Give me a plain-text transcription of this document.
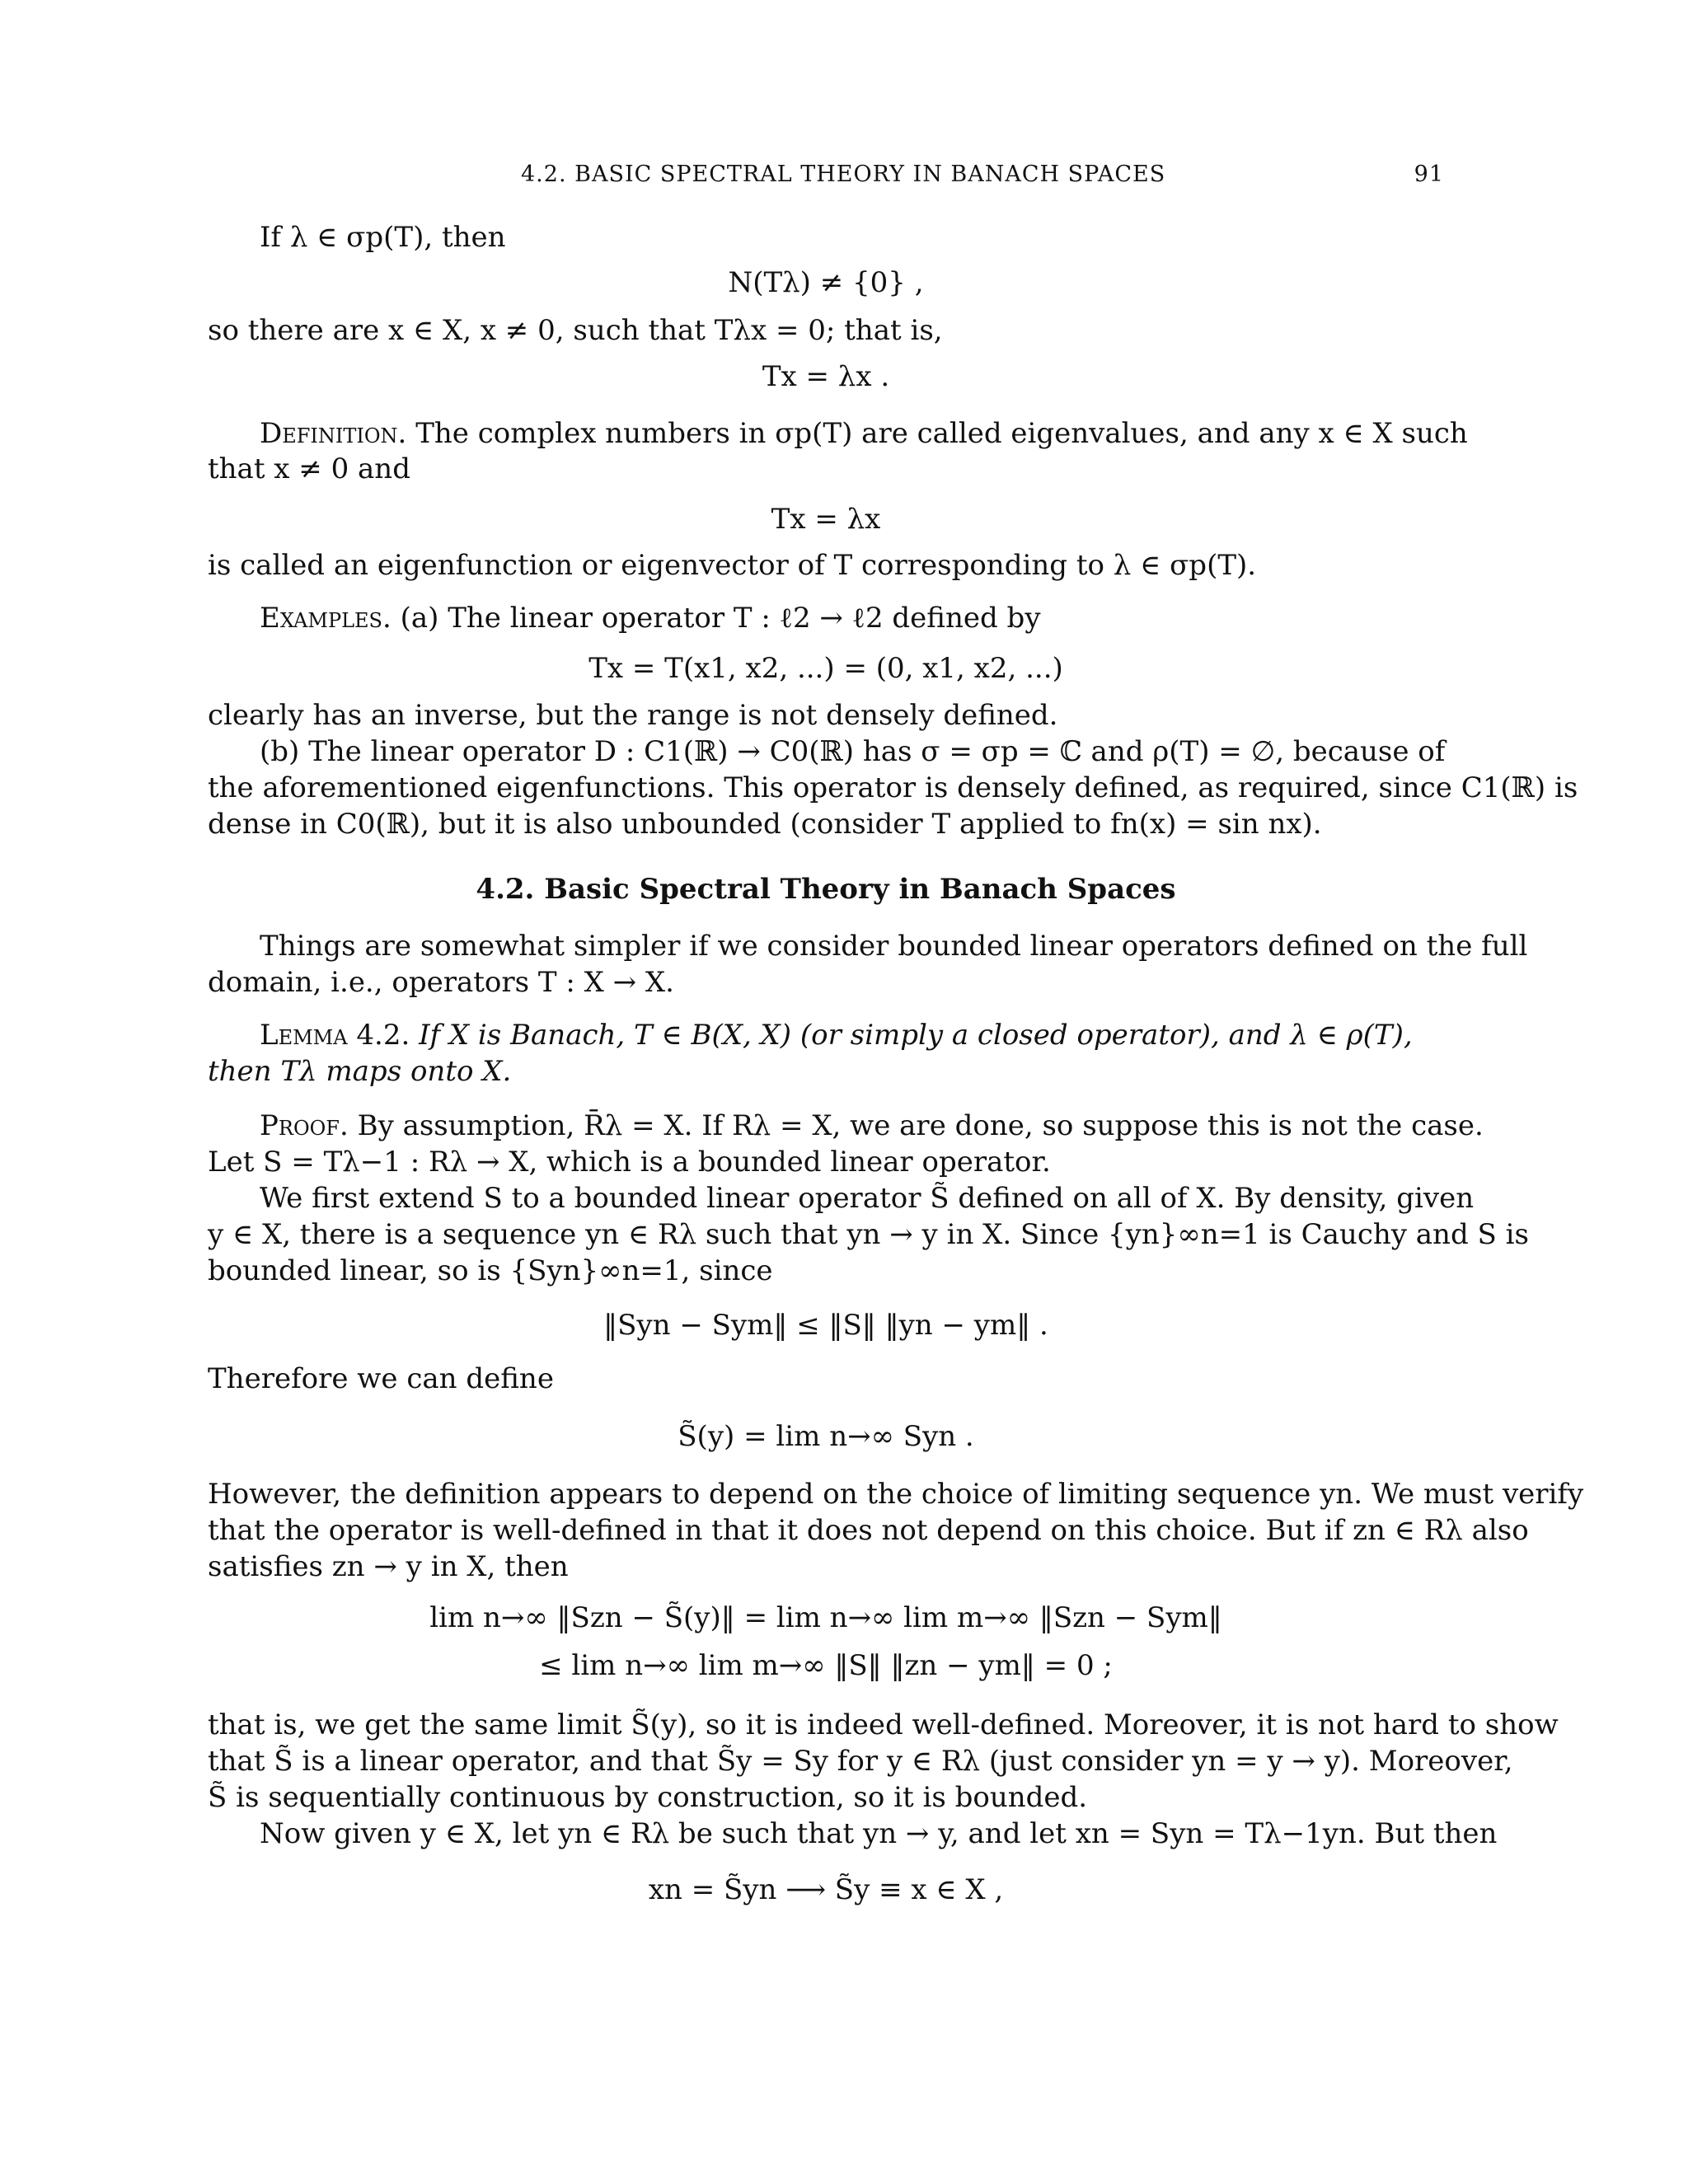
4.2. BASIC SPECTRAL THEORY IN BANACH SPACES	91
If λ ∈ σp(T), then
N(Tλ) ≠ {0} ,
so there are x ∈ X, x ≠ 0, such that Tλx = 0; that is,
Tx = λx .
Definition. The complex numbers in σp(T) are called eigenvalues, and any x ∈ X such
that x ≠ 0 and
Tx = λx
is called an eigenfunction or eigenvector of T corresponding to λ ∈ σp(T).
Examples. (a) The linear operator T : ℓ2 → ℓ2 defined by
Tx = T(x1, x2, ...) = (0, x1, x2, ...)
clearly has an inverse, but the range is not densely defined.
(b) The linear operator D : C1(ℝ) → C0(ℝ) has σ = σp = ℂ and ρ(T) = ∅, because of
the aforementioned eigenfunctions. This operator is densely defined, as required, since C1(ℝ) is
dense in C0(ℝ), but it is also unbounded (consider T applied to fn(x) = sin nx).
4.2. Basic Spectral Theory in Banach Spaces
Things are somewhat simpler if we consider bounded linear operators defined on the full
domain, i.e., operators T : X → X.
Lemma 4.2. If X is Banach, T ∈ B(X, X) (or simply a closed operator), and λ ∈ ρ(T),
then Tλ maps onto X.
Proof. By assumption, R̄λ = X. If Rλ = X, we are done, so suppose this is not the case.
Let S = Tλ−1 : Rλ → X, which is a bounded linear operator.
We first extend S to a bounded linear operator S̃ defined on all of X. By density, given
y ∈ X, there is a sequence yn ∈ Rλ such that yn → y in X. Since {yn}∞n=1 is Cauchy and S is
bounded linear, so is {Syn}∞n=1, since
‖Syn − Sym‖ ≤ ‖S‖ ‖yn − ym‖ .
Therefore we can define
S̃(y) = lim n→∞ Syn .
However, the definition appears to depend on the choice of limiting sequence yn. We must verify
that the operator is well-defined in that it does not depend on this choice. But if zn ∈ Rλ also
satisfies zn → y in X, then
lim n→∞ ‖Szn − S̃(y)‖ = lim n→∞ lim m→∞ ‖Szn − Sym‖
≤ lim n→∞ lim m→∞ ‖S‖ ‖zn − ym‖ = 0 ;
that is, we get the same limit S̃(y), so it is indeed well-defined. Moreover, it is not hard to show
that S̃ is a linear operator, and that S̃y = Sy for y ∈ Rλ (just consider yn = y → y). Moreover,
S̃ is sequentially continuous by construction, so it is bounded.
Now given y ∈ X, let yn ∈ Rλ be such that yn → y, and let xn = Syn = Tλ−1yn. But then
xn = S̃yn ⟶ S̃y ≡ x ∈ X ,
